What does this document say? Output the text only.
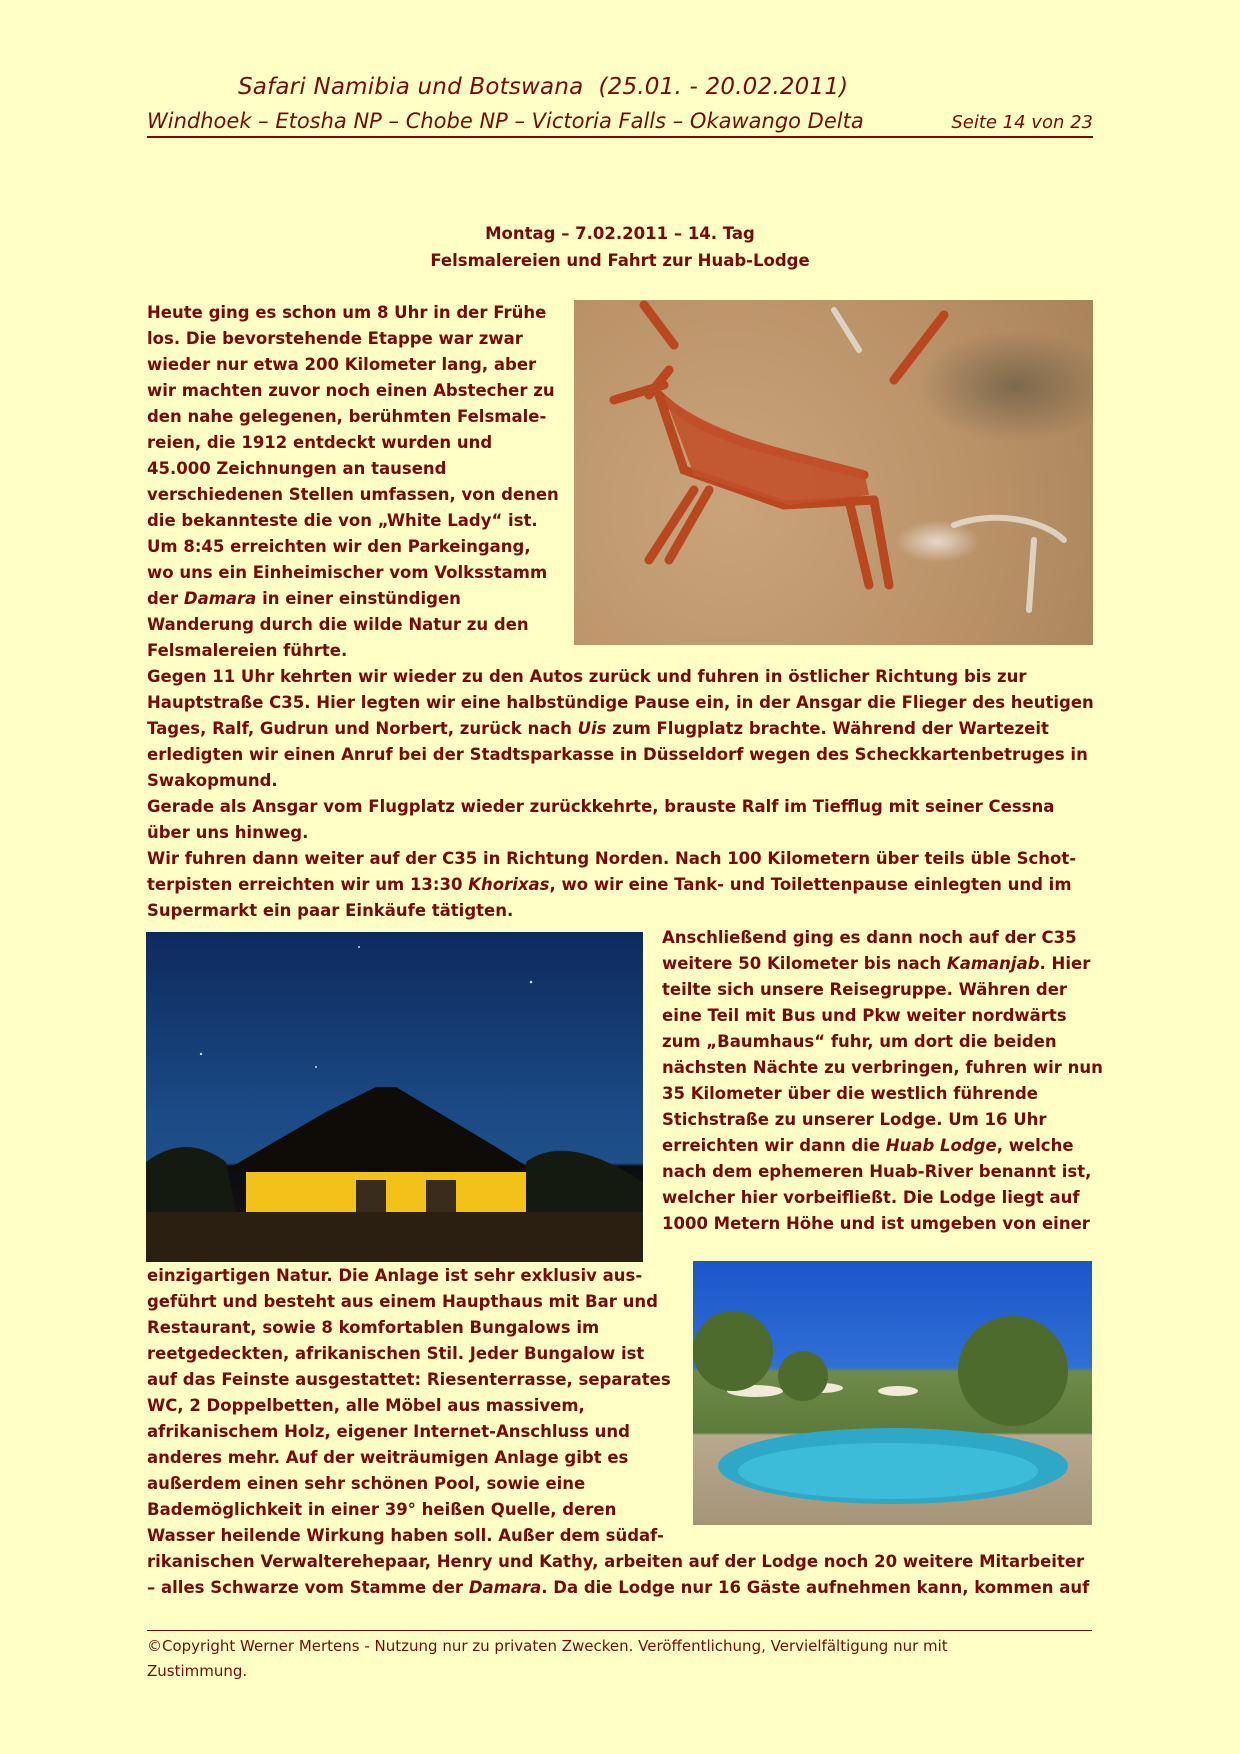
Safari Namibia und Botswana  (25.01. - 20.02.2011)
Windhoek – Etosha NP – Chobe NP – Victoria Falls – Okawango Delta	Seite 14 von 23
Montag – 7.02.2011 – 14. Tag
Felsmalereien und Fahrt zur Huab-Lodge
Heute ging es schon um 8 Uhr in der Frühe
los. Die bevorstehende Etappe war zwar
wieder nur etwa 200 Kilometer lang, aber
wir machten zuvor noch einen Abstecher zu
den nahe gelegenen, berühmten Felsmale-
reien, die 1912 entdeckt wurden und
45.000 Zeichnungen an tausend
verschiedenen Stellen umfassen, von denen
die bekannteste die von „White Lady“ ist.
Um 8:45 erreichten wir den Parkeingang,
wo uns ein Einheimischer vom Volksstamm
der Damara in einer einstündigen
Wanderung durch die wilde Natur zu den
Felsmalereien führte.
Gegen 11 Uhr kehrten wir wieder zu den Autos zurück und fuhren in östlicher Richtung bis zur
Hauptstraße C35. Hier legten wir eine halbstündige Pause ein, in der Ansgar die Flieger des heutigen
Tages, Ralf, Gudrun und Norbert, zurück nach Uis zum Flugplatz brachte. Während der Wartezeit
erledigten wir einen Anruf bei der Stadtsparkasse in Düsseldorf wegen des Scheckkartenbetruges in
Swakopmund.
Gerade als Ansgar vom Flugplatz wieder zurückkehrte, brauste Ralf im Tiefflug mit seiner Cessna
über uns hinweg.
Wir fuhren dann weiter auf der C35 in Richtung Norden. Nach 100 Kilometern über teils üble Schot-
terpisten erreichten wir um 13:30 Khorixas, wo wir eine Tank- und Toilettenpause einlegten und im
Supermarkt ein paar Einkäufe tätigten.
Anschließend ging es dann noch auf der C35
weitere 50 Kilometer bis nach Kamanjab. Hier
teilte sich unsere Reisegruppe. Währen der
eine Teil mit Bus und Pkw weiter nordwärts
zum „Baumhaus“ fuhr, um dort die beiden
nächsten Nächte zu verbringen, fuhren wir nun
35 Kilometer über die westlich führende
Stichstraße zu unserer Lodge. Um 16 Uhr
erreichten wir dann die Huab Lodge, welche
nach dem ephemeren Huab-River benannt ist,
welcher hier vorbeifließt. Die Lodge liegt auf
1000 Metern Höhe und ist umgeben von einer
einzigartigen Natur. Die Anlage ist sehr exklusiv aus-
geführt und besteht aus einem Haupthaus mit Bar und
Restaurant, sowie 8 komfortablen Bungalows im
reetgedeckten, afrikanischen Stil. Jeder Bungalow ist
auf das Feinste ausgestattet: Riesenterrasse, separates
WC, 2 Doppelbetten, alle Möbel aus massivem,
afrikanischem Holz, eigener Internet-Anschluss und
anderes mehr. Auf der weiträumigen Anlage gibt es
außerdem einen sehr schönen Pool, sowie eine
Bademöglichkeit in einer 39° heißen Quelle, deren
Wasser heilende Wirkung haben soll. Außer dem südaf-
rikanischen Verwalterehepaar, Henry und Kathy, arbeiten auf der Lodge noch 20 weitere Mitarbeiter
– alles Schwarze vom Stamme der Damara. Da die Lodge nur 16 Gäste aufnehmen kann, kommen auf
©Copyright Werner Mertens - Nutzung nur zu privaten Zwecken. Veröffentlichung, Vervielfältigung nur mit
Zustimmung.
